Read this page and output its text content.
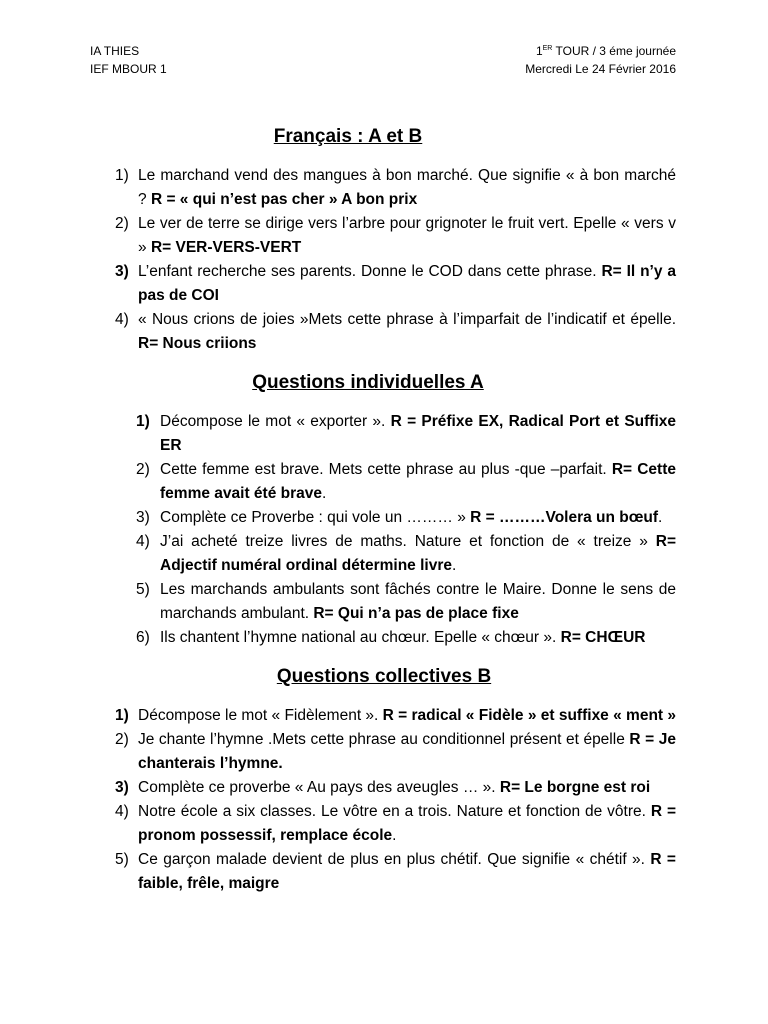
IA THIES
IEF MBOUR 1
1ER TOUR / 3 éme journée
Mercredi Le 24 Février 2016
Français : A et B
1) Le marchand vend des mangues à bon marché. Que signifie « à bon marché ? R = « qui n’est pas cher » A bon prix
2) Le ver de terre se dirige vers l’arbre pour grignoter le fruit vert. Epelle « vers v » R= VER-VERS-VERT
3) L’enfant recherche ses parents. Donne le COD dans cette phrase. R= Il n’y a pas de COI
4) « Nous crions de joies »Mets cette phrase à l’imparfait de l’indicatif et épelle. R= Nous criions
Questions individuelles A
1) Décompose le mot « exporter ». R = Préfixe EX, Radical Port et Suffixe ER
2) Cette femme est brave. Mets cette phrase au plus -que –parfait. R= Cette femme avait été brave.
3) Complète ce Proverbe : qui vole un ……… » R = ………Volera un bœuf.
4) J’ai acheté treize livres de maths. Nature et fonction de « treize » R= Adjectif numéral ordinal détermine livre.
5) Les marchands ambulants sont fâchés contre le Maire. Donne le sens de marchands ambulant. R= Qui n’a pas de place fixe
6) Ils chantent l’hymne national au chœur. Epelle « chœur ». R= CHŒUR
Questions collectives B
1) Décompose le mot « Fidèlement ». R = radical « Fidèle » et suffixe « ment »
2) Je chante l’hymne .Mets cette phrase au conditionnel présent et épelle R = Je chanterais l’hymne.
3) Complète ce proverbe « Au pays des aveugles … ». R= Le borgne est roi
4) Notre école a six classes. Le vôtre en a trois. Nature et fonction de vôtre. R = pronom possessif, remplace école.
5) Ce garçon malade devient de plus en plus chétif. Que signifie « chétif ». R = faible, frêle, maigre
